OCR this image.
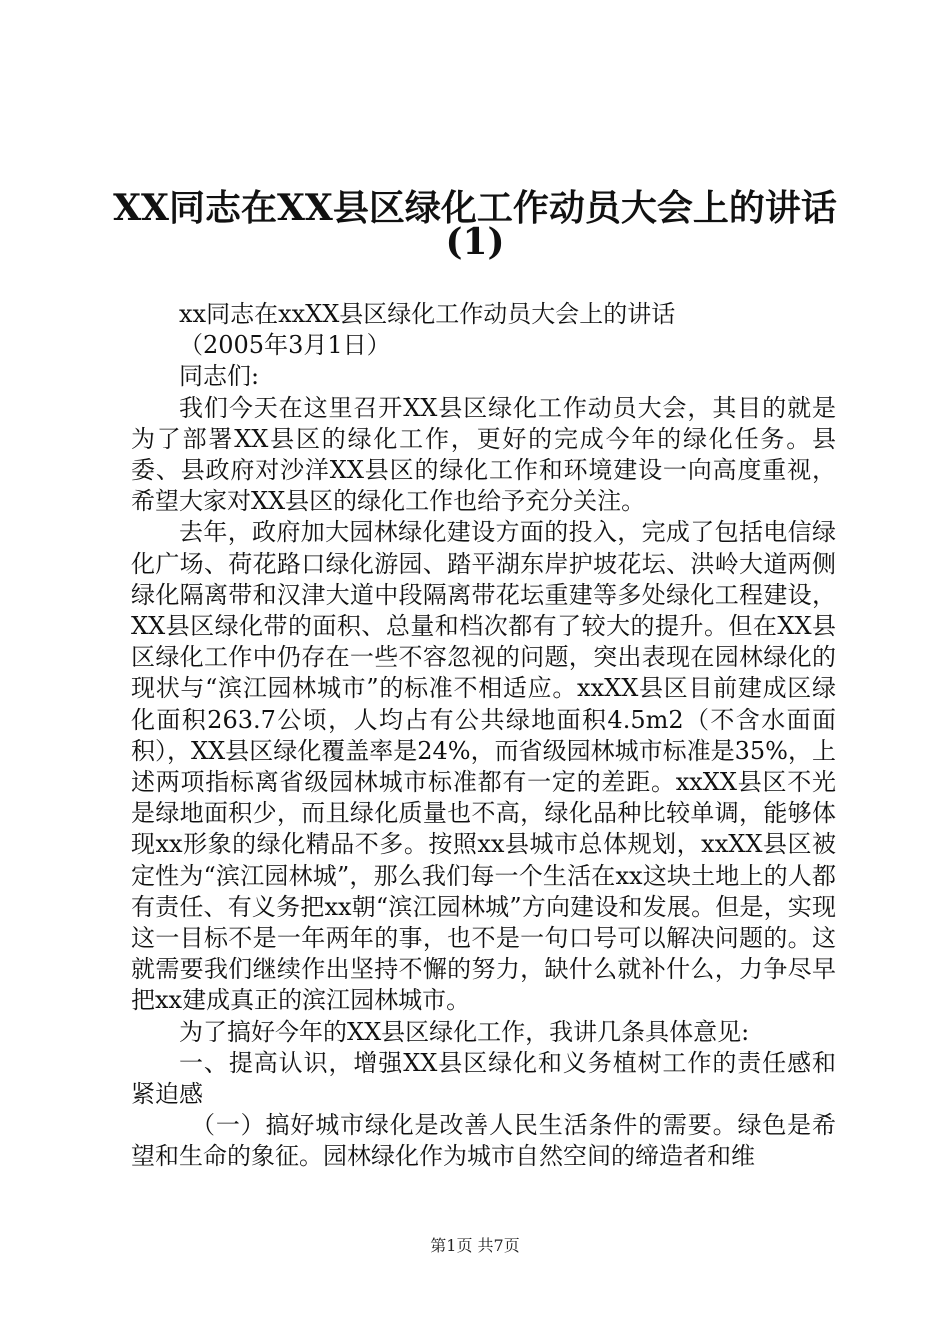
XX同志在XX县区绿化工作动员大会上的讲话
(1)

xx同志在xxXX县区绿化工作动员大会上的讲话

（2005年3月1日）

同志们:

我们今天在这里召开XX县区绿化工作动员大会，其目的就是为了部署XX县区的绿化工作，更好的完成今年的绿化任务。县委、县政府对沙洋XX县区的绿化工作和环境建设一向高度重视，希望大家对XX县区的绿化工作也给予充分关注。

去年，政府加大园林绿化建设方面的投入，完成了包括电信绿化广场、荷花路口绿化游园、踏平湖东岸护坡花坛、洪岭大道两侧绿化隔离带和汉津大道中段隔离带花坛重建等多处绿化工程建设，XX县区绿化带的面积、总量和档次都有了较大的提升。但在XX县区绿化工作中仍存在一些不容忽视的问题，突出表现在园林绿化的现状与“滨江园林城市”的标准不相适应。xxXX县区目前建成区绿化面积263.7公顷，人均占有公共绿地面积4.5m2（不含水面面积），XX县区绿化覆盖率是24%，而省级园林城市标准是35%，上述两项指标离省级园林城市标准都有一定的差距。xxXX县区不光是绿地面积少，而且绿化质量也不高，绿化品种比较单调，能够体现xx形象的绿化精品不多。按照xx县城市总体规划，xxXX县区被定性为“滨江园林城”，那么我们每一个生活在xx这块土地上的人都有责任、有义务把xx朝“滨江园林城”方向建设和发展。但是，实现这一目标不是一年两年的事，也不是一句口号可以解决问题的。这就需要我们继续作出坚持不懈的努力，缺什么就补什么，力争尽早把xx建成真正的滨江园林城市。

为了搞好今年的XX县区绿化工作，我讲几条具体意见:

一、提高认识，增强XX县区绿化和义务植树工作的责任感和紧迫感

（一）搞好城市绿化是改善人民生活条件的需要。绿色是希望和生命的象征。园林绿化作为城市自然空间的缔造者和维

第1页 共7页
